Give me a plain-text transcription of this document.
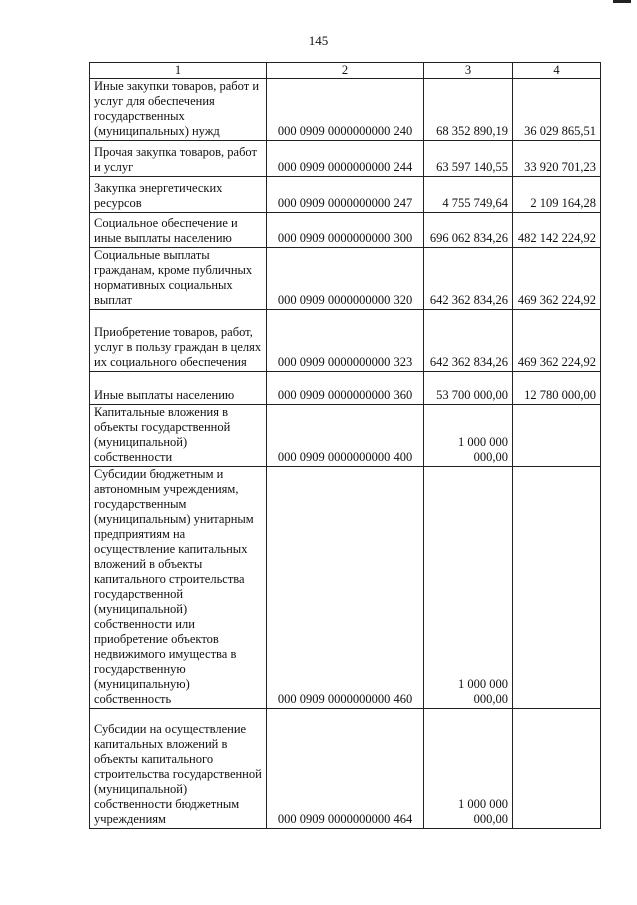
145
1	2	3	4
Иные закупки товаров, работ и услуг для обеспечения государственных (муниципальных) нужд	000 0909 0000000000 240	68 352 890,19	36 029 865,51
Прочая закупка товаров, работ и услуг	000 0909 0000000000 244	63 597 140,55	33 920 701,23
Закупка энергетических ресурсов	000 0909 0000000000 247	4 755 749,64	2 109 164,28
Социальное обеспечение и иные выплаты населению	000 0909 0000000000 300	696 062 834,26	482 142 224,92
Социальные выплаты гражданам, кроме публичных нормативных социальных выплат	000 0909 0000000000 320	642 362 834,26	469 362 224,92
Приобретение товаров, работ, услуг в пользу граждан в целях их социального обеспечения	000 0909 0000000000 323	642 362 834,26	469 362 224,92
Иные выплаты населению	000 0909 0000000000 360	53 700 000,00	12 780 000,00
Капитальные вложения в объекты государственной (муниципальной) собственности	000 0909 0000000000 400	1 000 000 000,00	
Субсидии бюджетным и автономным учреждениям, государственным (муниципальным) унитарным предприятиям на осуществление капитальных вложений в объекты капитального строительства государственной (муниципальной) собственности или приобретение объектов недвижимого имущества в государственную (муниципальную) собственность	000 0909 0000000000 460	1 000 000 000,00	
Субсидии на осуществление капитальных вложений в объекты капитального строительства государственной (муниципальной) собственности бюджетным учреждениям	000 0909 0000000000 464	1 000 000 000,00	
